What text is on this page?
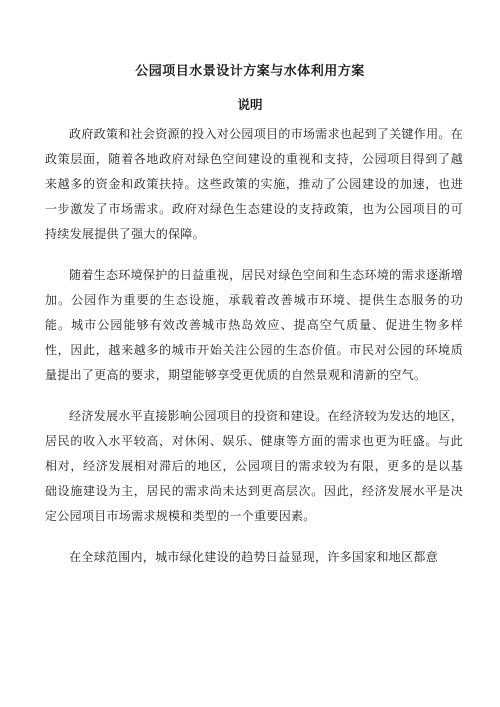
公园项目水景设计方案与水体利用方案
说明

政府政策和社会资源的投入对公园项目的市场需求也起到了关键作用。在政策层面，随着各地政府对绿色空间建设的重视和支持，公园项目得到了越来越多的资金和政策扶持。这些政策的实施，推动了公园建设的加速，也进一步激发了市场需求。政府对绿色生态建设的支持政策，也为公园项目的可持续发展提供了强大的保障。

随着生态环境保护的日益重视，居民对绿色空间和生态环境的需求逐渐增加。公园作为重要的生态设施，承载着改善城市环境、提供生态服务的功能。城市公园能够有效改善城市热岛效应、提高空气质量、促进生物多样性，因此，越来越多的城市开始关注公园的生态价值。市民对公园的环境质量提出了更高的要求，期望能够享受更优质的自然景观和清新的空气。

经济发展水平直接影响公园项目的投资和建设。在经济较为发达的地区，居民的收入水平较高，对休闲、娱乐、健康等方面的需求也更为旺盛。与此相对，经济发展相对滞后的地区，公园项目的需求较为有限，更多的是以基础设施建设为主，居民的需求尚未达到更高层次。因此，经济发展水平是决定公园项目市场需求规模和类型的一个重要因素。

在全球范围内，城市绿化建设的趋势日益显现，许多国家和地区都意
